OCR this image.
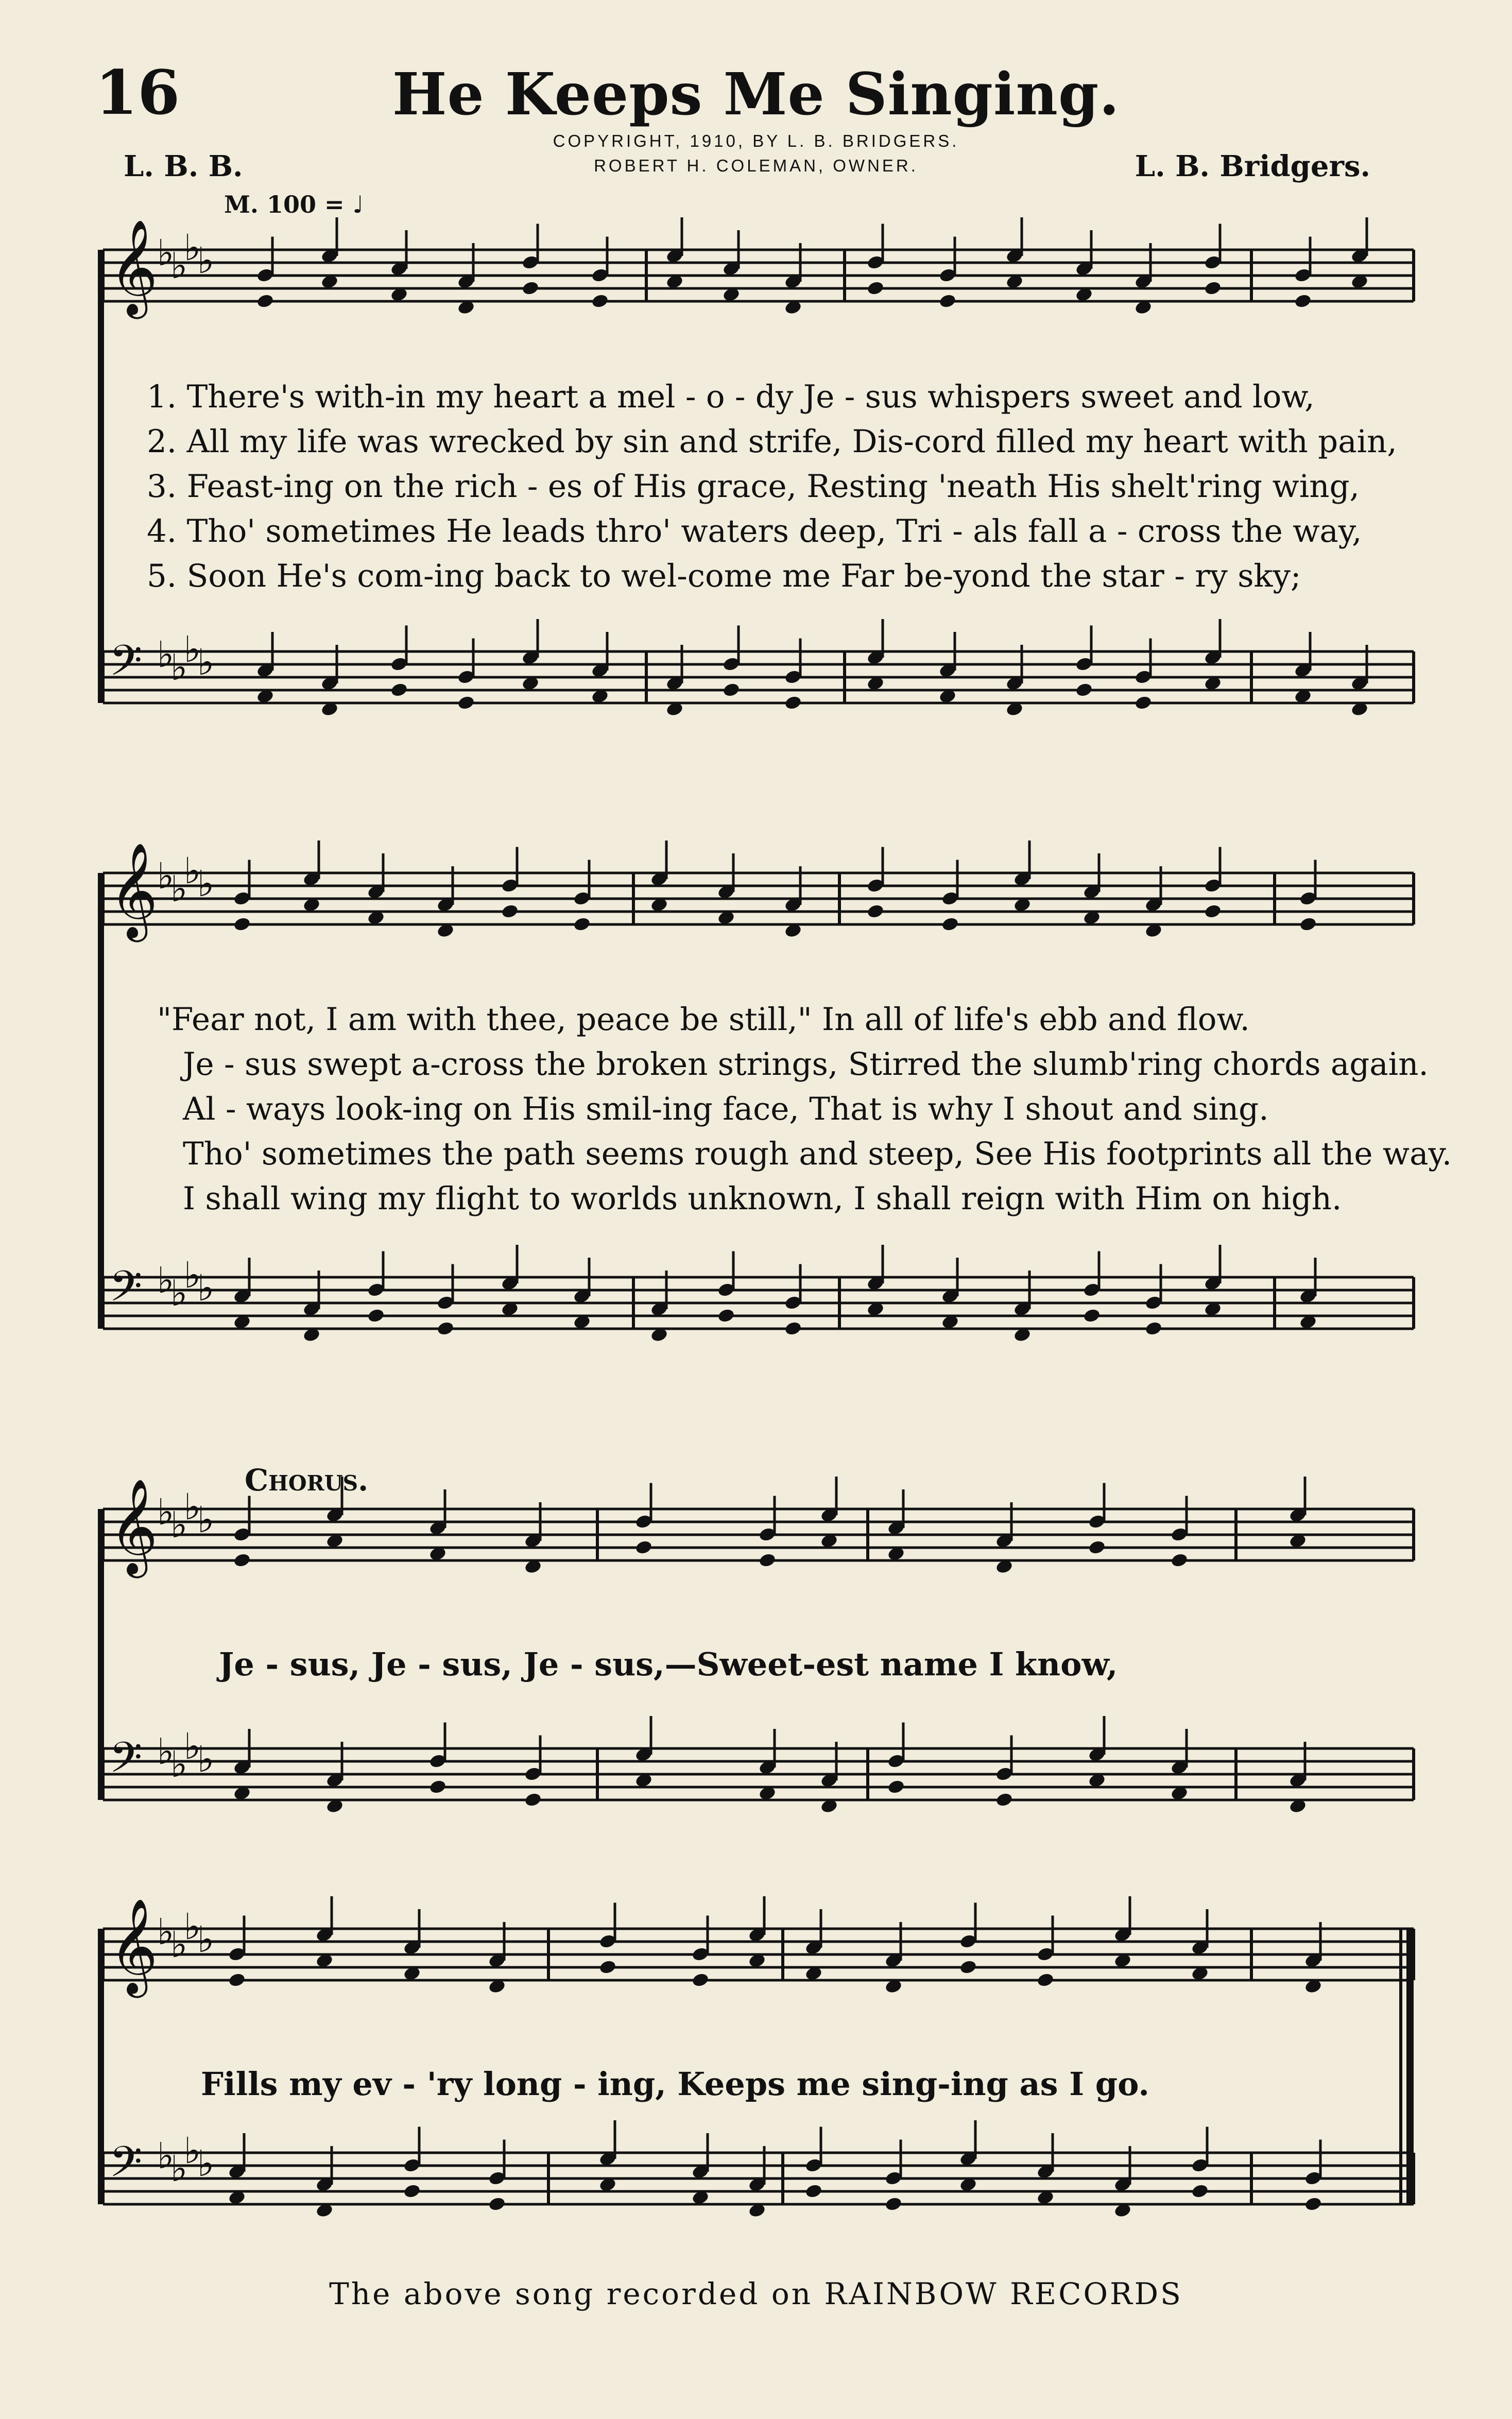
𝄞
♭
♭
♭
♭
𝄢 ♭
♭
♭
♭
𝄞
♭
♭
♭
♭
𝄢 ♭
♭
♭
♭
𝄞
♭
♭
♭
♭
𝄢 ♭
♭
♭
♭
𝄞
♭
♭
♭
♭
𝄢 ♭
♭
♭
♭
16	He Keeps Me Singing.
COPYRIGHT, 1910, BY L. B. BRIDGERS.
ROBERT H. COLEMAN, OWNER.
L. B. B.	L. B. Bridgers.
M. 100 = ♩
1. There's with-in my heart a mel - o - dy Je - sus whispers sweet and low,
2. All my life was wrecked by sin and strife, Dis-cord filled my heart with pain,
3. Feast-ing on the rich - es of His grace, Resting 'neath His shelt'ring wing,
4. Tho' sometimes He leads thro' waters deep, Tri - als fall a - cross the way,
5. Soon He's com-ing back to wel-come me Far be-yond the star - ry sky;
"Fear not, I am with thee, peace be still," In all of life's ebb and flow.
Je - sus swept a-cross the broken strings, Stirred the slumb'ring chords again.
Al - ways look-ing on His smil-ing face, That is why I shout and sing.
Tho' sometimes the path seems rough and steep, See His footprints all the way.
I shall wing my flight to worlds unknown, I shall reign with Him on high.
Chorus.
Je - sus, Je - sus, Je - sus,—Sweet-est name I know,
Fills my ev - 'ry long - ing, Keeps me sing-ing as I go.
The above song recorded on RAINBOW RECORDS
